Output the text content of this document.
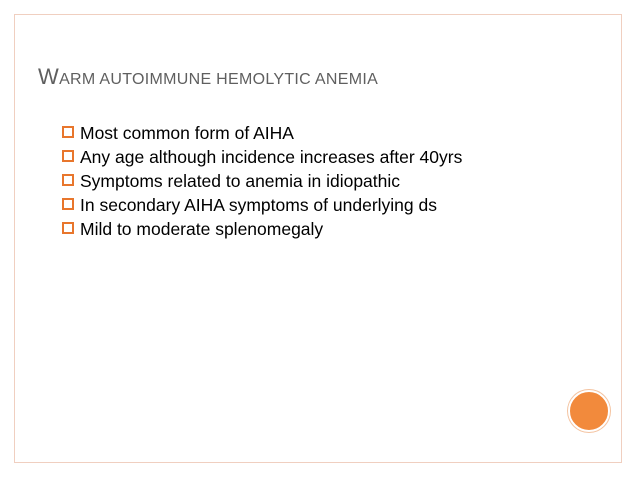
WARM AUTOIMMUNE HEMOLYTIC ANEMIA
Most common form of AIHA
Any age although incidence increases after 40yrs
Symptoms related to anemia in idiopathic
In secondary AIHA symptoms of underlying ds
Mild to moderate splenomegaly
